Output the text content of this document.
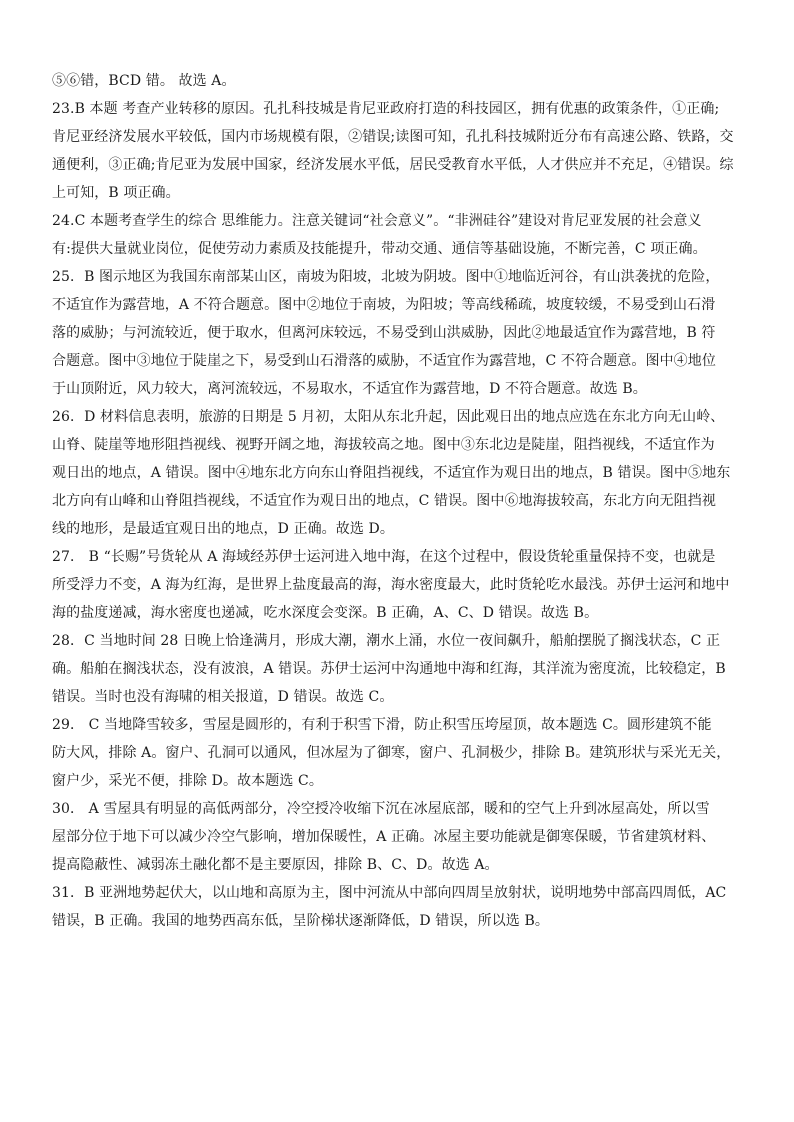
⑤⑥错，BCD 错。 故选 A。
23.B 本题 考查产业转移的原因。孔扎科技城是肯尼亚政府打造的科技园区，拥有优惠的政策条件，①正确;
肯尼亚经济发展水平较低，国内市场规模有限，②错误;读图可知，孔扎科技城附近分布有高速公路、铁路，交
通便利，③正确;肯尼亚为发展中国家，经济发展水平低，居民受教育水平低，人才供应并不充足，④错误。综
上可知，B 项正确。
24.C 本题考查学生的综合 思维能力。注意关键词“社会意义”。“非洲硅谷”建设对肯尼亚发展的社会意义
有:提供大量就业岗位，促使劳动力素质及技能提升，带动交通、通信等基础设施，不断完善，C 项正确。
25．B 图示地区为我国东南部某山区，南坡为阳坡，北坡为阴坡。图中①地临近河谷，有山洪袭扰的危险，
不适宜作为露营地，A 不符合题意。图中②地位于南坡，为阳坡；等高线稀疏，坡度较缓，不易受到山石滑
落的威胁；与河流较近，便于取水，但离河床较远，不易受到山洪威胁，因此②地最适宜作为露营地，B 符
合题意。图中③地位于陡崖之下，易受到山石滑落的威胁，不适宜作为露营地，C 不符合题意。图中④地位
于山顶附近，风力较大，离河流较远，不易取水，不适宜作为露营地，D 不符合题意。故选 B。
26．D 材料信息表明，旅游的日期是 5 月初，太阳从东北升起，因此观日出的地点应选在东北方向无山岭、
山脊、陡崖等地形阻挡视线、视野开阔之地，海拔较高之地。图中③东北边是陡崖，阻挡视线，不适宜作为
观日出的地点，A 错误。图中④地东北方向东山脊阻挡视线，不适宜作为观日出的地点，B 错误。图中⑤地东
北方向有山峰和山脊阻挡视线，不适宜作为观日出的地点，C 错误。图中⑥地海拔较高，东北方向无阻挡视
线的地形，是最适宜观日出的地点，D 正确。故选 D。
27． B “长赐”号货轮从 A 海域经苏伊士运河进入地中海，在这个过程中，假设货轮重量保持不变，也就是
所受浮力不变，A 海为红海，是世界上盐度最高的海，海水密度最大，此时货轮吃水最浅。苏伊士运河和地中
海的盐度递减，海水密度也递减，吃水深度会变深。B 正确，A、C、D 错误。故选 B。
28．C 当地时间 28 日晚上恰逢满月，形成大潮，潮水上涌，水位一夜间飙升，船舶摆脱了搁浅状态，C 正
确。船舶在搁浅状态，没有波浪，A 错误。苏伊士运河中沟通地中海和红海，其洋流为密度流，比较稳定，B
错误。当时也没有海啸的相关报道，D 错误。故选 C。
29． C 当地降雪较多，雪屋是圆形的，有利于积雪下滑，防止积雪压垮屋顶，故本题选 C。圆形建筑不能
防大风，排除 A。窗户、孔洞可以通风，但冰屋为了御寒，窗户、孔洞极少，排除 B。建筑形状与采光无关，
窗户少，采光不便，排除 D。故本题选 C。
30． A 雪屋具有明显的高低两部分，冷空授冷收缩下沉在冰屋底部，暖和的空气上升到冰屋高处，所以雪
屋部分位于地下可以减少冷空气影响，增加保暖性，A 正确。冰屋主要功能就是御寒保暖，节省建筑材料、
提高隐蔽性、减弱冻土融化都不是主要原因，排除 B、C、D。故选 A。
31．B 亚洲地势起伏大，以山地和高原为主，图中河流从中部向四周呈放射状，说明地势中部高四周低，AC
错误，B 正确。我国的地势西高东低，呈阶梯状逐渐降低，D 错误，所以选 B。
